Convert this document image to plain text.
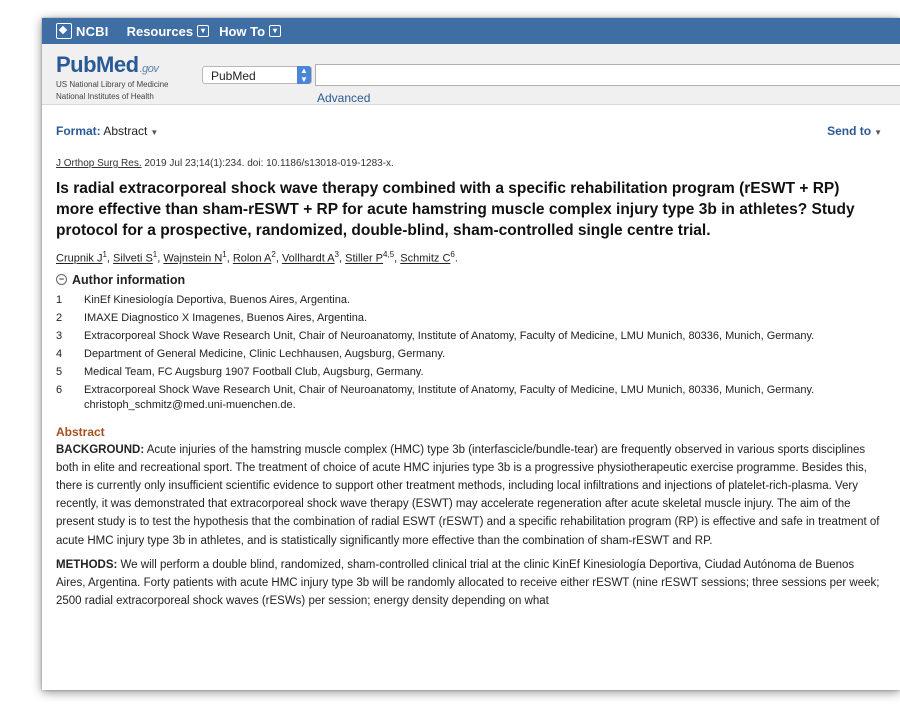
NCBI Resources ▾	How To ▾
PubMed.gov
US National Library of Medicine
National Institutes of Health
PubMed	▲
▼
Advanced
Format: Abstract ▼	Send to ▼
J Orthop Surg Res. 2019 Jul 23;14(1):234. doi: 10.1186/s13018-019-1283-x.
Is radial extracorporeal shock wave therapy combined with a specific rehabilitation program (rESWT + RP) more effective than sham-rESWT + RP for acute hamstring muscle complex injury type 3b in athletes? Study protocol for a prospective, randomized, double-blind, sham-controlled single centre trial.
Crupnik $J^1$, Silveti $S^1$, Wajnstein $N^1$, Rolon $A^2$, Vollhardt $A^3$, Stiller P$^{4,5}$, Schmitz $C^6$.
− Author information
1	KinEf Kinesiología Deportiva, Buenos Aires, Argentina.
2	IMAXE Diagnostico X Imagenes, Buenos Aires, Argentina.
3	Extracorporeal Shock Wave Research Unit, Chair of Neuroanatomy, Institute of Anatomy, Faculty of Medicine, LMU Munich, 80336, Munich, Germany.
4	Department of General Medicine, Clinic Lechhausen, Augsburg, Germany.
5	Medical Team, FC Augsburg 1907 Football Club, Augsburg, Germany.
6	Extracorporeal Shock Wave Research Unit, Chair of Neuroanatomy, Institute of Anatomy, Faculty of Medicine, LMU Munich, 80336, Munich, Germany. christoph_schmitz@med.uni-muenchen.de.
Abstract
BACKGROUND: Acute injuries of the hamstring muscle complex (HMC) type 3b (interfascicle/bundle-tear) are frequently observed in various sports disciplines both in elite and recreational sport. The treatment of choice of acute HMC injuries type 3b is a progressive physiotherapeutic exercise programme. Besides this, there is currently only insufficient scientific evidence to support other treatment methods, including local infiltrations and injections of platelet-rich-plasma. Very recently, it was demonstrated that extracorporeal shock wave therapy (ESWT) may accelerate regeneration after acute skeletal muscle injury. The aim of the present study is to test the hypothesis that the combination of radial ESWT (rESWT) and a specific rehabilitation program (RP) is effective and safe in treatment of acute HMC injury type 3b in athletes, and is statistically significantly more effective than the combination of sham-rESWT and RP.
METHODS: We will perform a double blind, randomized, sham-controlled clinical trial at the clinic KinEf Kinesiología Deportiva, Ciudad Autónoma de Buenos Aires, Argentina. Forty patients with acute HMC injury type 3b will be randomly allocated to receive either rESWT (nine rESWT sessions; three sessions per week; 2500 radial extracorporeal shock waves (rESWs) per session; energy density depending on what
